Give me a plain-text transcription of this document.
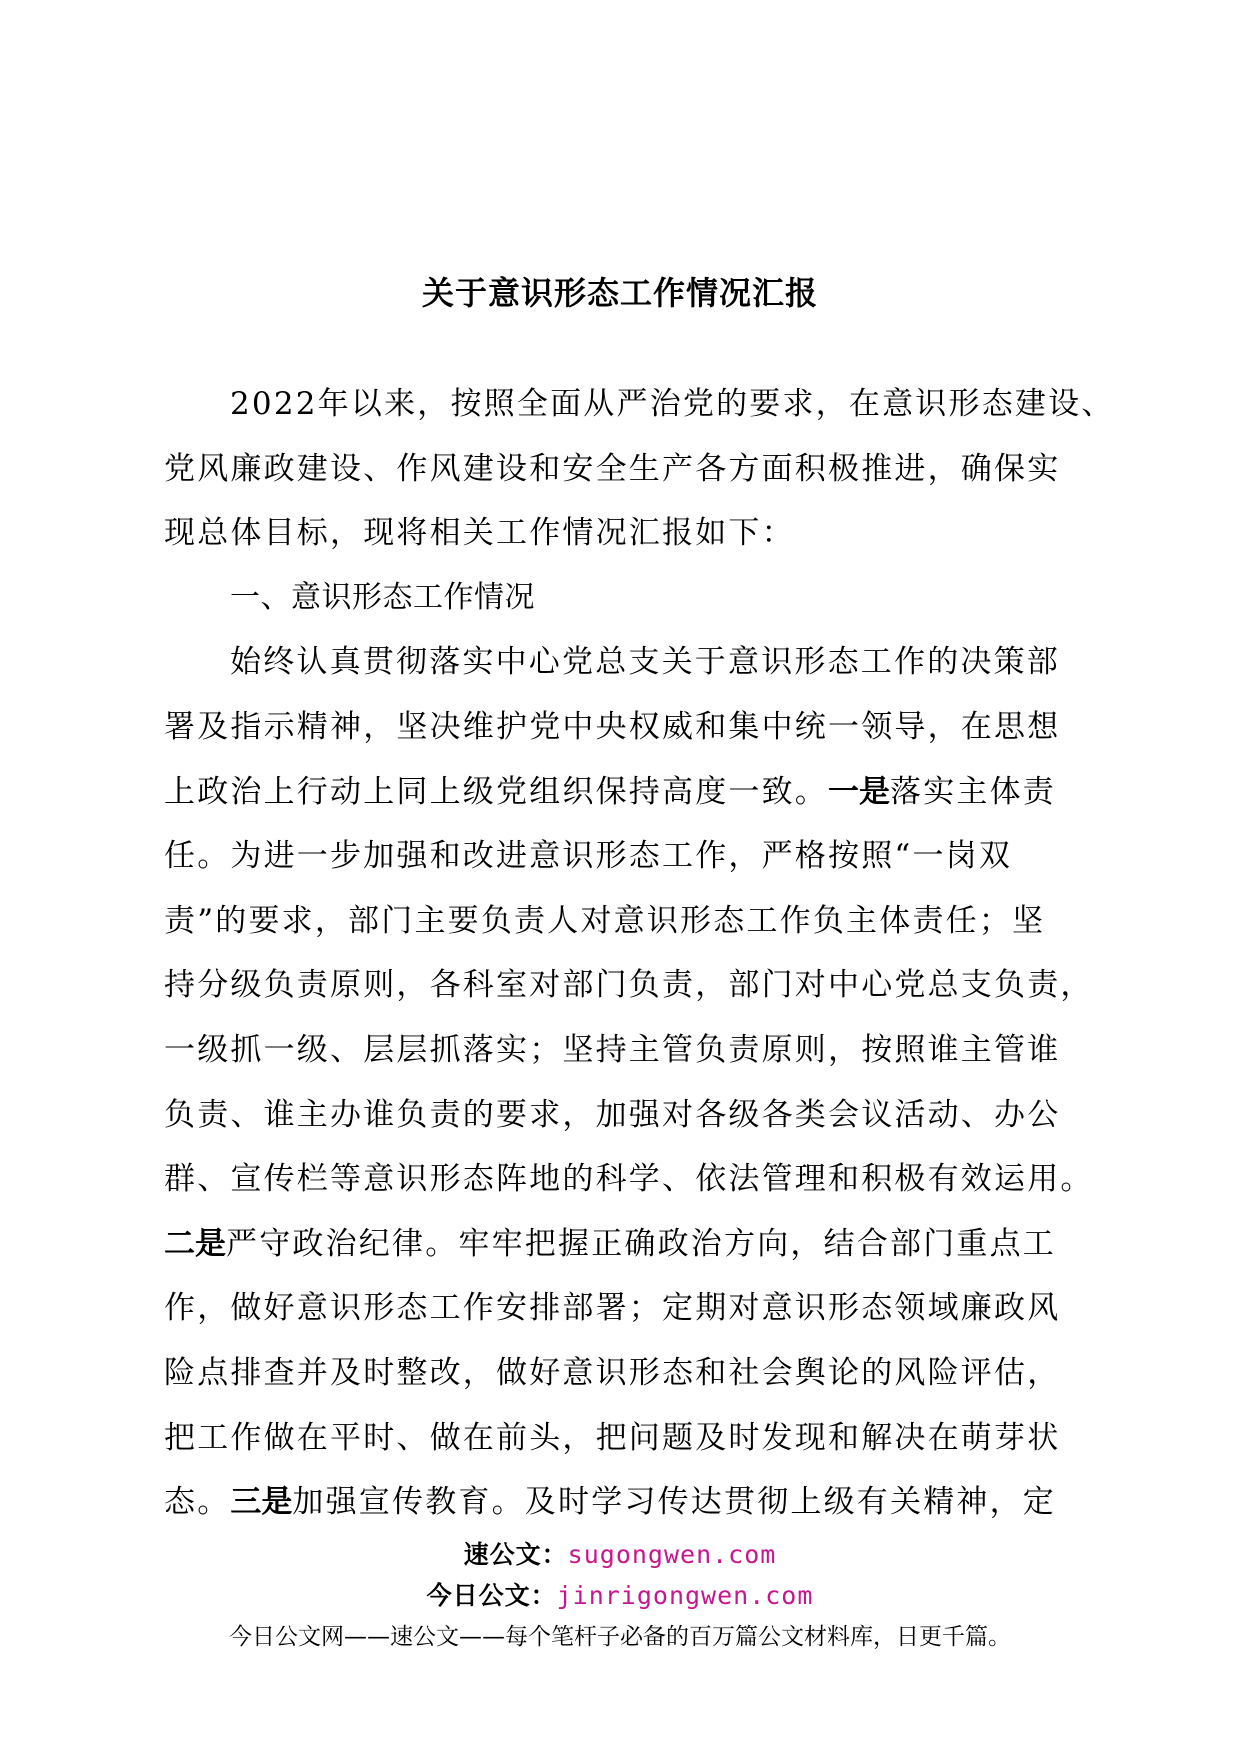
关于意识形态工作情况汇报
2022年以来，按照全面从严治党的要求，在意识形态建设、
党风廉政建设、作风建设和安全生产各方面积极推进，确保实
现总体目标，现将相关工作情况汇报如下：
一、意识形态工作情况
始终认真贯彻落实中心党总支关于意识形态工作的决策部
署及指示精神，坚决维护党中央权威和集中统一领导，在思想
上政治上行动上同上级党组织保持高度一致。一是落实主体责
任。为进一步加强和改进意识形态工作，严格按照“一岗双
责”的要求，部门主要负责人对意识形态工作负主体责任；坚
持分级负责原则，各科室对部门负责，部门对中心党总支负责，
一级抓一级、层层抓落实；坚持主管负责原则，按照谁主管谁
负责、谁主办谁负责的要求，加强对各级各类会议活动、办公
群、宣传栏等意识形态阵地的科学、依法管理和积极有效运用。
二是严守政治纪律。牢牢把握正确政治方向，结合部门重点工
作，做好意识形态工作安排部署；定期对意识形态领域廉政风
险点排查并及时整改，做好意识形态和社会舆论的风险评估，
把工作做在平时、做在前头，把问题及时发现和解决在萌芽状
态。三是加强宣传教育。及时学习传达贯彻上级有关精神，定
速公文：sugongwen.com
今日公文：jinrigongwen.com
今日公文网——速公文——每个笔杆子必备的百万篇公文材料库，日更千篇。
